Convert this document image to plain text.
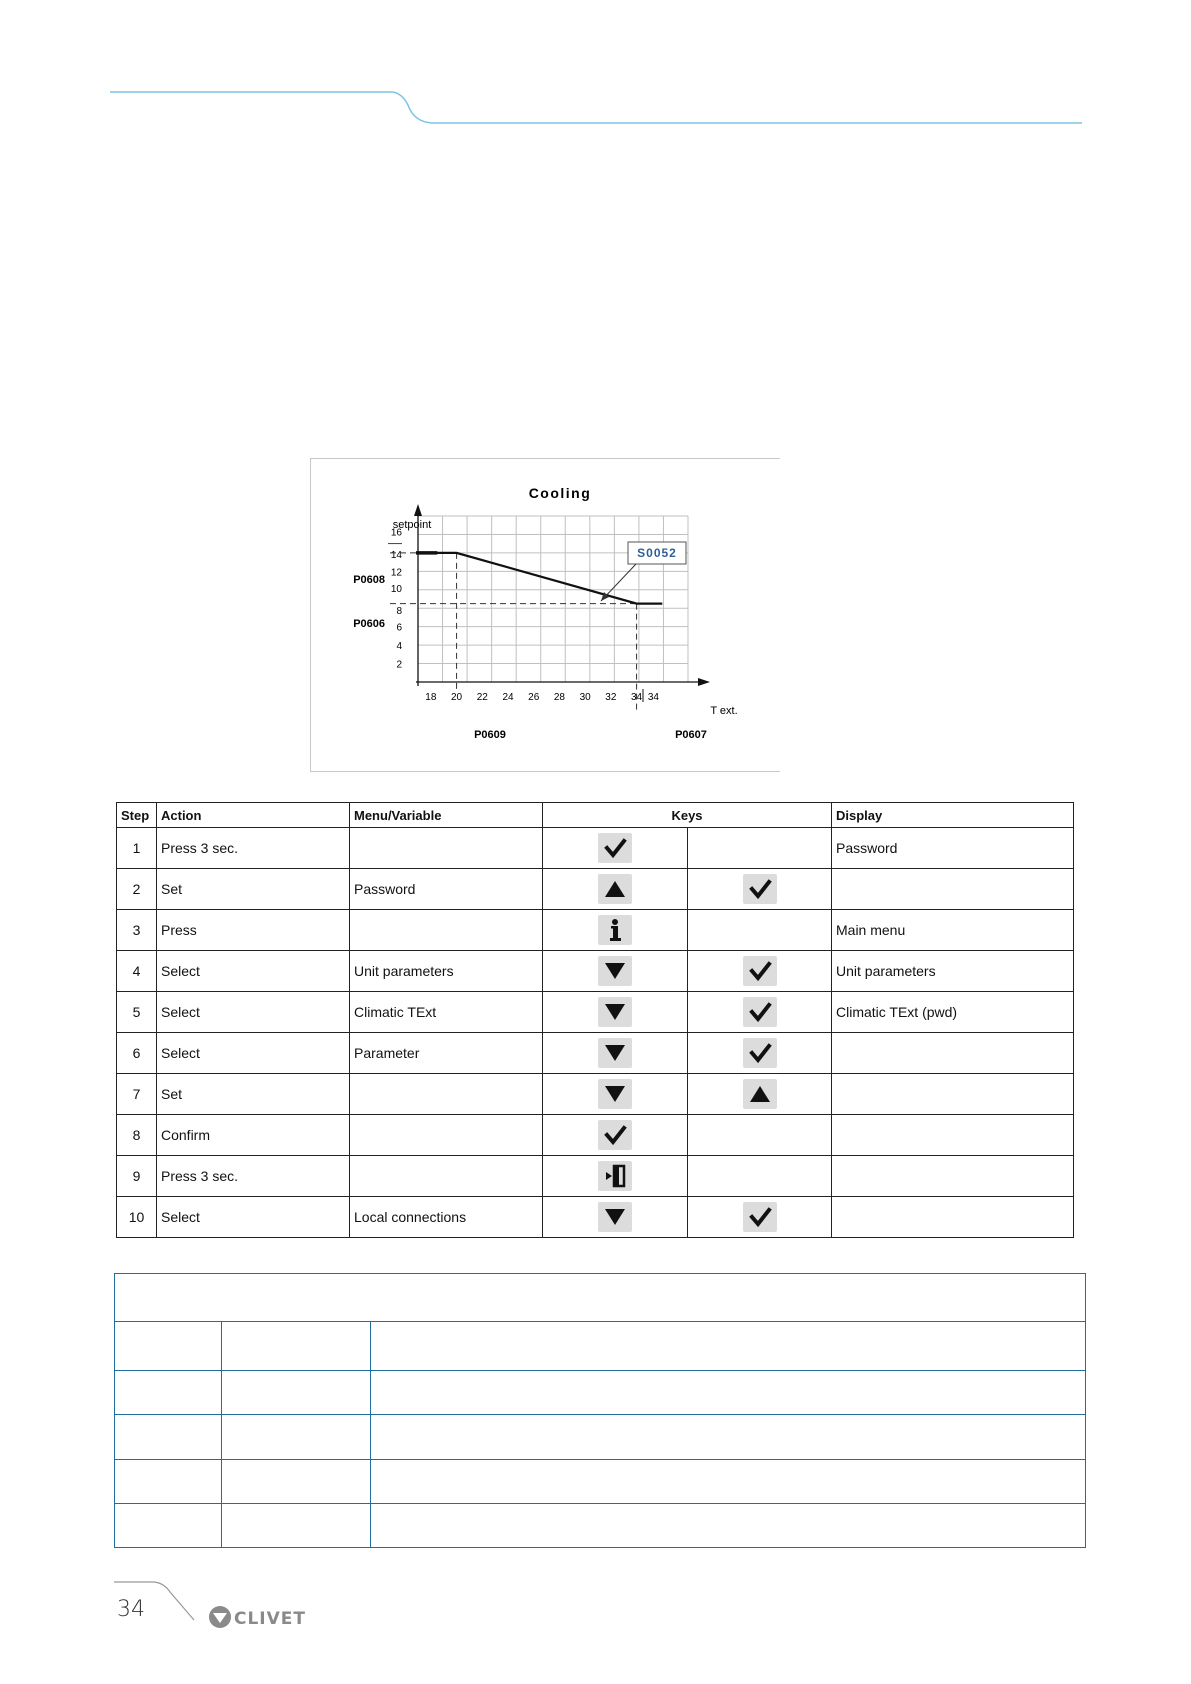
Cooling
setpoint
T ext.
16
14
12
10
8
6
4
2
18 20 22 24 26 28 30 32 34 34
S0052
P0608
P0606
P0609	P0607
Step	Action	Menu/Variable	Keys		Display
1	Press 3 sec.				Password
2	Set	Password	

3	Press				Main menu
4	Select	Unit parameters			Unit parameters
5	Select	Climatic TExt			Climatic TExt (pwd)
6	Select	Parameter	

7	Set		

8	Confirm		

9	Press 3 sec.		

10	Select	Local connections	

34	CLIVET
